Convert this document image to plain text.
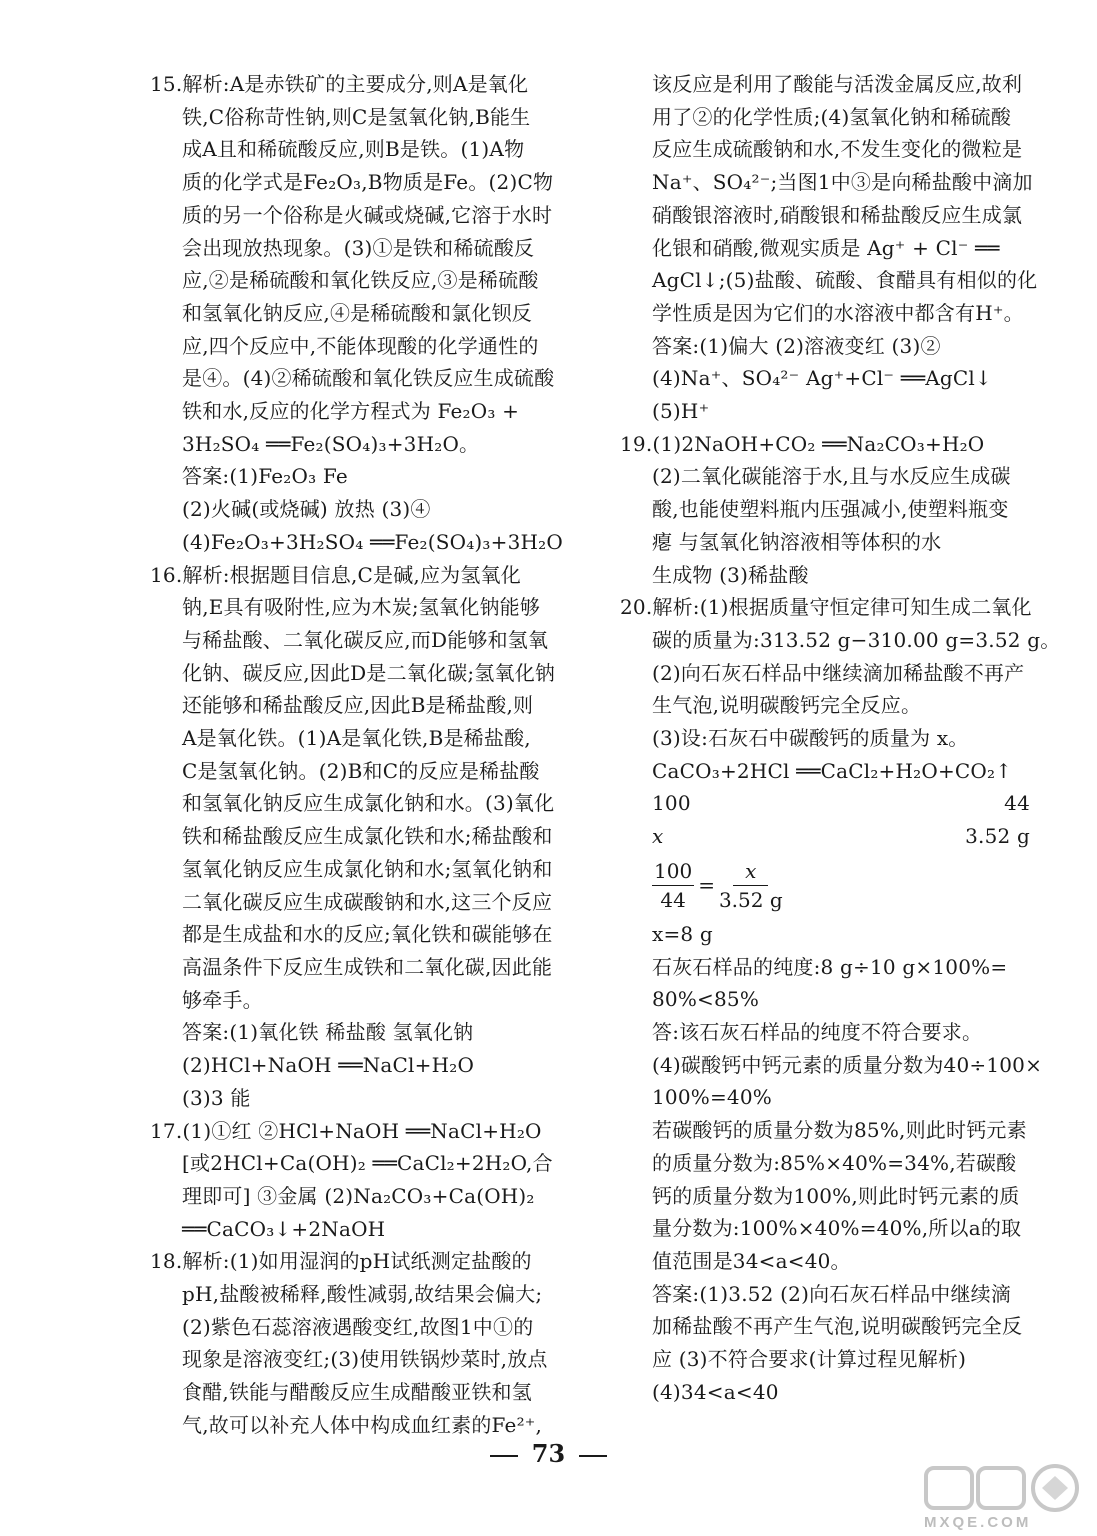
15.解析:A是赤铁矿的主要成分,则A是氧化
铁,C俗称苛性钠,则C是氢氧化钠,B能生
成A且和稀硫酸反应,则B是铁。(1)A物
质的化学式是Fe₂O₃,B物质是Fe。(2)C物
质的另一个俗称是火碱或烧碱,它溶于水时
会出现放热现象。(3)①是铁和稀硫酸反
应,②是稀硫酸和氧化铁反应,③是稀硫酸
和氢氧化钠反应,④是稀硫酸和氯化钡反
应,四个反应中,不能体现酸的化学通性的
是④。(4)②稀硫酸和氧化铁反应生成硫酸
铁和水,反应的化学方程式为 Fe₂O₃ +
3H₂SO₄ ══Fe₂(SO₄)₃+3H₂O。
答案:(1)Fe₂O₃ Fe
(2)火碱(或烧碱) 放热 (3)④
(4)Fe₂O₃+3H₂SO₄ ══Fe₂(SO₄)₃+3H₂O
16.解析:根据题目信息,C是碱,应为氢氧化
钠,E具有吸附性,应为木炭;氢氧化钠能够
与稀盐酸、二氧化碳反应,而D能够和氢氧
化钠、碳反应,因此D是二氧化碳;氢氧化钠
还能够和稀盐酸反应,因此B是稀盐酸,则
A是氧化铁。(1)A是氧化铁,B是稀盐酸,
C是氢氧化钠。(2)B和C的反应是稀盐酸
和氢氧化钠反应生成氯化钠和水。(3)氧化
铁和稀盐酸反应生成氯化铁和水;稀盐酸和
氢氧化钠反应生成氯化钠和水;氢氧化钠和
二氧化碳反应生成碳酸钠和水,这三个反应
都是生成盐和水的反应;氧化铁和碳能够在
高温条件下反应生成铁和二氧化碳,因此能
够牵手。
答案:(1)氧化铁 稀盐酸 氢氧化钠
(2)HCl+NaOH ══NaCl+H₂O
(3)3 能
17.(1)①红 ②HCl+NaOH ══NaCl+H₂O
[或2HCl+Ca(OH)₂ ══CaCl₂+2H₂O,合
理即可] ③金属 (2)Na₂CO₃+Ca(OH)₂
══CaCO₃↓+2NaOH
18.解析:(1)如用湿润的pH试纸测定盐酸的
pH,盐酸被稀释,酸性减弱,故结果会偏大;
(2)紫色石蕊溶液遇酸变红,故图1中①的
现象是溶液变红;(3)使用铁锅炒菜时,放点
食醋,铁能与醋酸反应生成醋酸亚铁和氢
气,故可以补充人体中构成血红素的Fe²⁺,
该反应是利用了酸能与活泼金属反应,故利
用了②的化学性质;(4)氢氧化钠和稀硫酸
反应生成硫酸钠和水,不发生变化的微粒是
Na⁺、SO₄²⁻;当图1中③是向稀盐酸中滴加
硝酸银溶液时,硝酸银和稀盐酸反应生成氯
化银和硝酸,微观实质是 Ag⁺ + Cl⁻ ══
AgCl↓;(5)盐酸、硫酸、食醋具有相似的化
学性质是因为它们的水溶液中都含有H⁺。
答案:(1)偏大 (2)溶液变红 (3)②
(4)Na⁺、SO₄²⁻ Ag⁺+Cl⁻ ══AgCl↓
(5)H⁺
19.(1)2NaOH+CO₂ ══Na₂CO₃+H₂O
(2)二氧化碳能溶于水,且与水反应生成碳
酸,也能使塑料瓶内压强减小,使塑料瓶变
瘪 与氢氧化钠溶液相等体积的水
生成物 (3)稀盐酸
20.解析:(1)根据质量守恒定律可知生成二氧化
碳的质量为:313.52 g−310.00 g=3.52 g。
(2)向石灰石样品中继续滴加稀盐酸不再产
生气泡,说明碳酸钙完全反应。
(3)设:石灰石中碳酸钙的质量为 x。
CaCO₃+2HCl ══CaCl₂+H₂O+CO₂↑
100	44
x	3.52 g
$\frac{100}{44} = \frac{x}{3.52 g}$
x=8 g
石灰石样品的纯度:8 g÷10 g×100%=
80%<85%
答:该石灰石样品的纯度不符合要求。
(4)碳酸钙中钙元素的质量分数为40÷100×
100%=40%
若碳酸钙的质量分数为85%,则此时钙元素
的质量分数为:85%×40%=34%,若碳酸
钙的质量分数为100%,则此时钙元素的质
量分数为:100%×40%=40%,所以a的取
值范围是34<a<40。
答案:(1)3.52 (2)向石灰石样品中继续滴
加稀盐酸不再产生气泡,说明碳酸钙完全反
应 (3)不符合要求(计算过程见解析)
(4)34<a<40
73
MXQE.COM
